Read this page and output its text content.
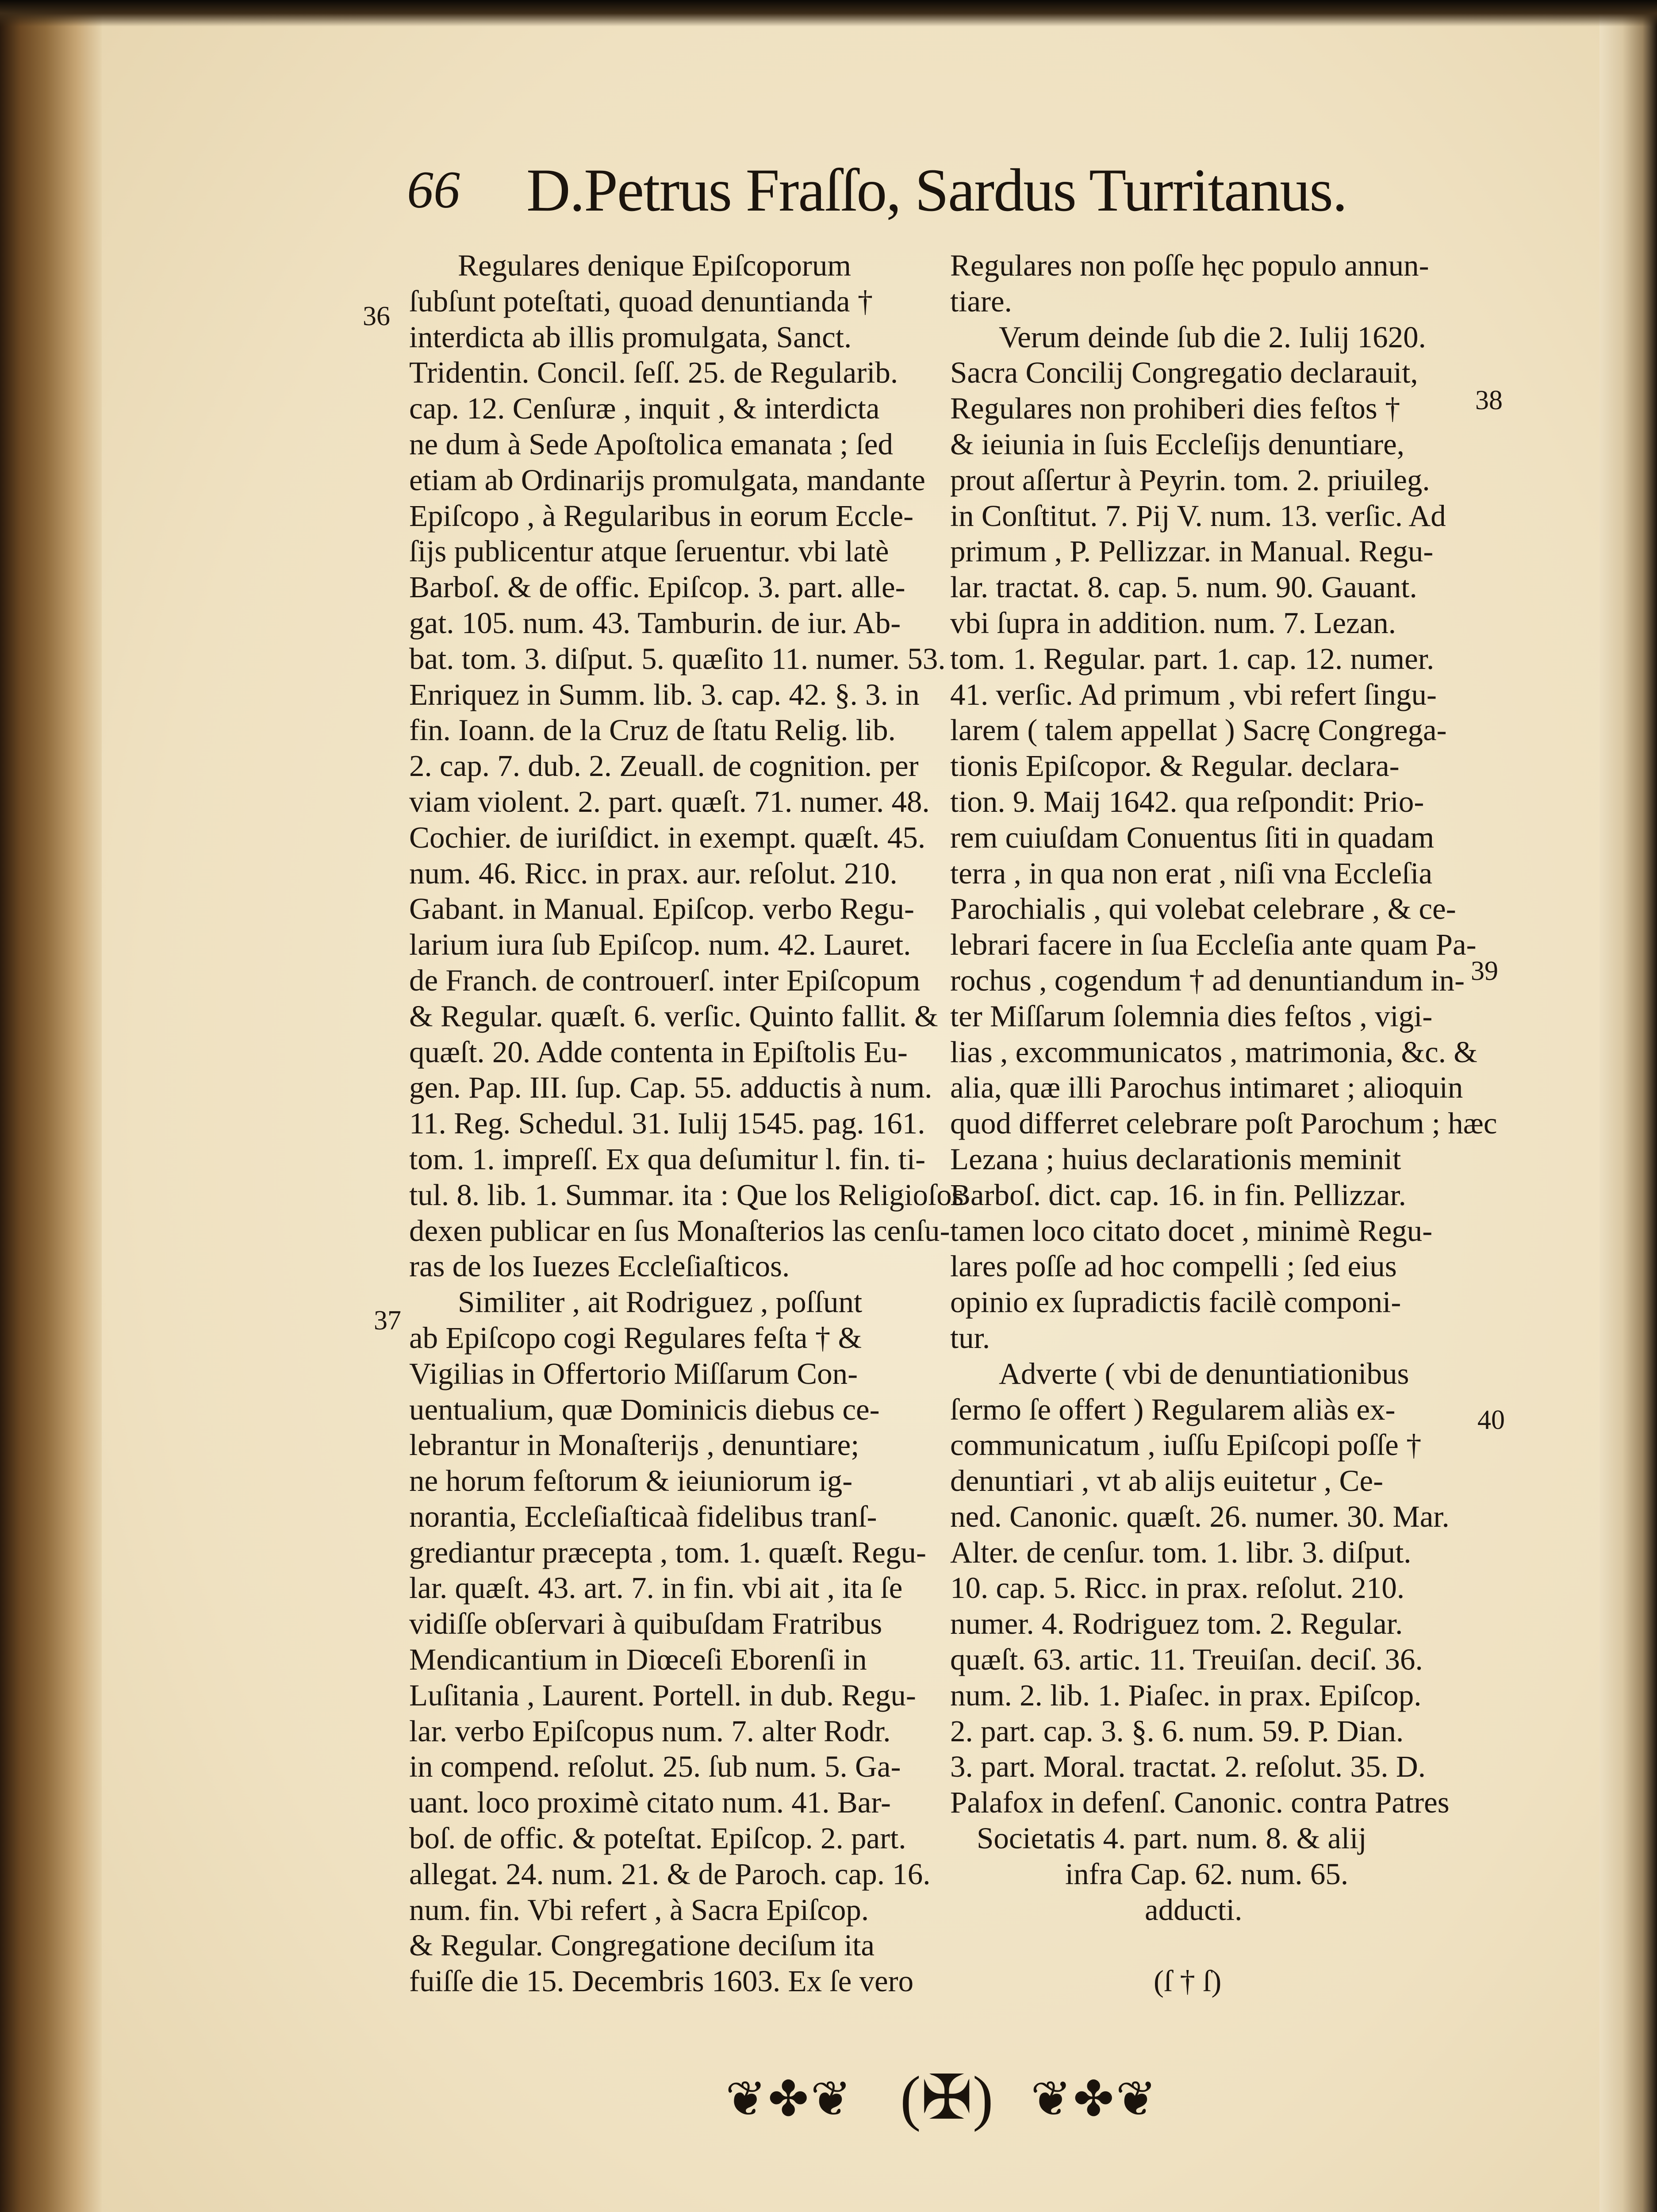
66 D.Petrus Fraſſo, Sardus Turritanus.
36
37
38
39
40
Regulares denique Epiſcoporum
ſubſunt poteſtati, quoad denuntianda †
interdicta ab illis promulgata, Sanct.
Tridentin. Concil. ſeſſ. 25. de Regularib.
cap. 12. Cenſuræ , inquit , & interdicta
ne dum à Sede Apoſtolica emanata ; ſed
etiam ab Ordinarijs promulgata, mandante
Epiſcopo , à Regularibus in eorum Eccle-
ſijs publicentur atque ſeruentur. vbi latè
Barboſ. & de offic. Epiſcop. 3. part. alle-
gat. 105. num. 43. Tamburin. de iur. Ab-
bat. tom. 3. diſput. 5. quæſito 11. numer. 53.
Enriquez in Summ. lib. 3. cap. 42. §. 3. in
fin. Ioann. de la Cruz de ſtatu Relig. lib.
2. cap. 7. dub. 2. Zeuall. de cognition. per
viam violent. 2. part. quæſt. 71. numer. 48.
Cochier. de iuriſdict. in exempt. quæſt. 45.
num. 46. Ricc. in prax. aur. reſolut. 210.
Gabant. in Manual. Epiſcop. verbo Regu-
larium iura ſub Epiſcop. num. 42. Lauret.
de Franch. de controuerſ. inter Epiſcopum
& Regular. quæſt. 6. verſic. Quinto fallit. &
quæſt. 20. Adde contenta in Epiſtolis Eu-
gen. Pap. III. ſup. Cap. 55. adductis à num.
11. Reg. Schedul. 31. Iulij 1545. pag. 161.
tom. 1. impreſſ. Ex qua deſumitur l. fin. ti-
tul. 8. lib. 1. Summar. ita : Que los Religioſos
dexen publicar en ſus Monaſterios las cenſu-
ras de los Iuezes Eccleſiaſticos.
Similiter , ait Rodriguez , poſſunt
ab Epiſcopo cogi Regulares feſta † &
Vigilias in Offertorio Miſſarum Con-
uentualium, quæ Dominicis diebus ce-
lebrantur in Monaſterijs , denuntiare;
ne horum feſtorum & ieiuniorum ig-
norantia, Eccleſiaſticaà fidelibus tranſ-
grediantur præcepta , tom. 1. quæſt. Regu-
lar. quæſt. 43. art. 7. in fin. vbi ait , ita ſe
vidiſſe obſervari à quibuſdam Fratribus
Mendicantium in Diœceſi Eborenſi in
Luſitania , Laurent. Portell. in dub. Regu-
lar. verbo Epiſcopus num. 7. alter Rodr.
in compend. reſolut. 25. ſub num. 5. Ga-
uant. loco proximè citato num. 41. Bar-
boſ. de offic. & poteſtat. Epiſcop. 2. part.
allegat. 24. num. 21. & de Paroch. cap. 16.
num. fin. Vbi refert , à Sacra Epiſcop.
& Regular. Congregatione deciſum ita
fuiſſe die 15. Decembris 1603. Ex ſe vero
Regulares non poſſe hęc populo annun-
tiare.
Verum deinde ſub die 2. Iulij 1620.
Sacra Concilij Congregatio declarauit,
Regulares non prohiberi dies feſtos †
& ieiunia in ſuis Eccleſijs denuntiare,
prout aſſertur à Peyrin. tom. 2. priuileg.
in Conſtitut. 7. Pij V. num. 13. verſic. Ad
primum , P. Pellizzar. in Manual. Regu-
lar. tractat. 8. cap. 5. num. 90. Gauant.
vbi ſupra in addition. num. 7. Lezan.
tom. 1. Regular. part. 1. cap. 12. numer.
41. verſic. Ad primum , vbi refert ſingu-
larem ( talem appellat ) Sacrę Congrega-
tionis Epiſcopor. & Regular. declara-
tion. 9. Maij 1642. qua reſpondit: Prio-
rem cuiuſdam Conuentus ſiti in quadam
terra , in qua non erat , niſi vna Eccleſia
Parochialis , qui volebat celebrare , & ce-
lebrari facere in ſua Eccleſia ante quam Pa-
rochus , cogendum † ad denuntiandum in-
ter Miſſarum ſolemnia dies feſtos , vigi-
lias , excommunicatos , matrimonia, &c. &
alia, quæ illi Parochus intimaret ; alioquin
quod differret celebrare poſt Parochum ; hæc
Lezana ; huius declarationis meminit
Barboſ. dict. cap. 16. in fin. Pellizzar.
tamen loco citato docet , minimè Regu-
lares poſſe ad hoc compelli ; ſed eius
opinio ex ſupradictis facilè componi-
tur.
Adverte ( vbi de denuntiationibus
ſermo ſe offert ) Regularem aliàs ex-
communicatum , iuſſu Epiſcopi poſſe †
denuntiari , vt ab alijs euitetur , Ce-
ned. Canonic. quæſt. 26. numer. 30. Mar.
Alter. de cenſur. tom. 1. libr. 3. diſput.
10. cap. 5. Ricc. in prax. reſolut. 210.
numer. 4. Rodriguez tom. 2. Regular.
quæſt. 63. artic. 11. Treuiſan. deciſ. 36.
num. 2. lib. 1. Piaſec. in prax. Epiſcop.
2. part. cap. 3. §. 6. num. 59. P. Dian.
3. part. Moral. tractat. 2. reſolut. 35. D.
Palafox in defenſ. Canonic. contra Patres
Societatis 4. part. num. 8. & alij
infra Cap. 62. num. 65.
adducti.

(ſ † ſ)
❦✤❦ (✠) ❦✤❦
